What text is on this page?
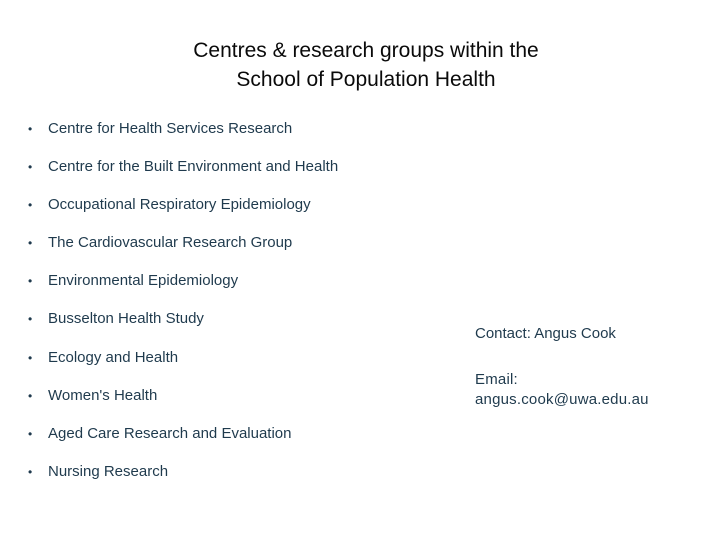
Centres & research groups within the
School of Population Health
•	Centre for Health Services Research
•	Centre for the Built Environment and Health
•	Occupational Respiratory Epidemiology
•	The Cardiovascular Research Group
•	Environmental Epidemiology
•	Busselton Health Study
•	Ecology and Health
•	Women's Health
•	Aged Care Research and Evaluation
•	Nursing Research
Contact: Angus Cook
Email:
angus.cook@uwa.edu.au
